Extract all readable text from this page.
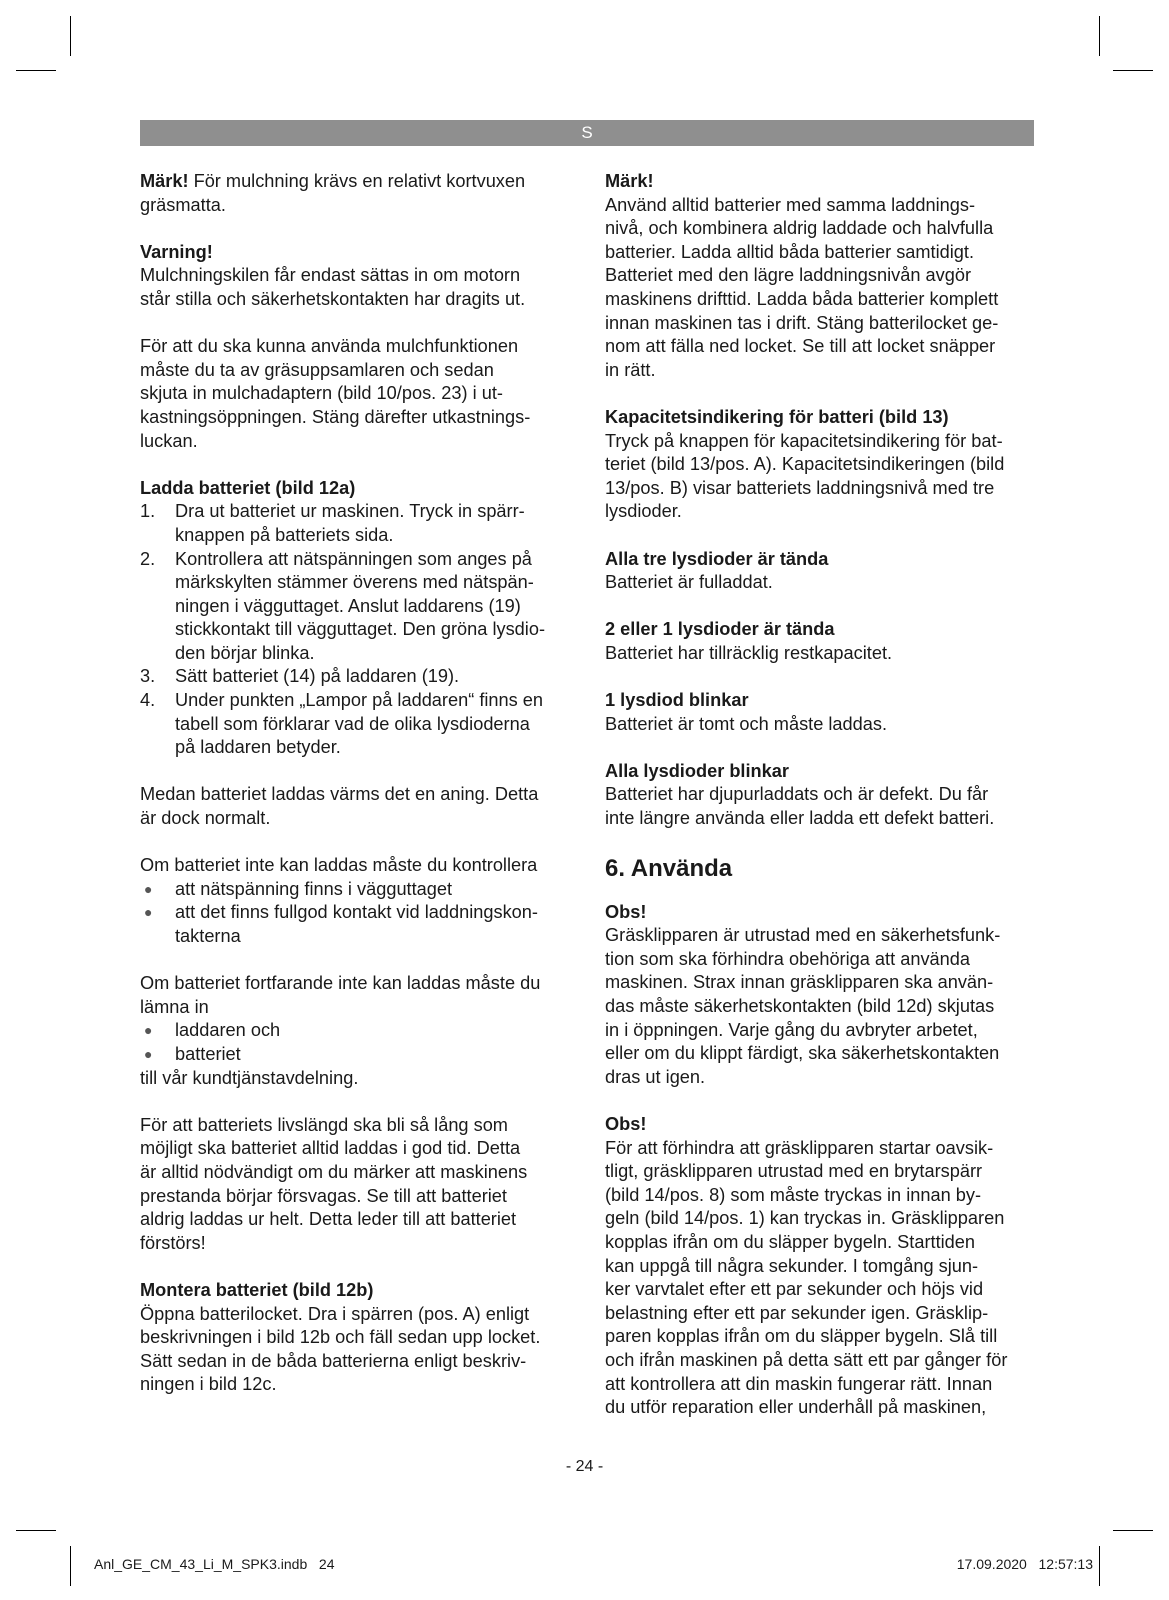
S
Märk! För mulchning krävs en relativt kortvuxen
gräsmatta.
Varning!
Mulchningskilen får endast sättas in om motorn
står stilla och säkerhetskontakten har dragits ut.
För att du ska kunna använda mulchfunktionen
måste du ta av gräsuppsamlaren och sedan
skjuta in mulchadaptern (bild 10/pos. 23) i ut-
kastningsöppningen. Stäng därefter utkastnings-
luckan.
Ladda batteriet (bild 12a)
1. Dra ut batteriet ur maskinen. Tryck in spärr-
knappen på batteriets sida.
2. Kontrollera att nätspänningen som anges på
märkskylten stämmer överens med nätspän-
ningen i vägguttaget. Anslut laddarens (19)
stickkontakt till vägguttaget. Den gröna lysdio-
den börjar blinka.
3. Sätt batteriet (14) på laddaren (19).
4. Under punkten „Lampor på laddaren“ finns en
tabell som förklarar vad de olika lysdioderna
på laddaren betyder.
Medan batteriet laddas värms det en aning. Detta
är dock normalt.
Om batteriet inte kan laddas måste du kontrollera
● att nätspänning finns i vägguttaget
● att det finns fullgod kontakt vid laddningskon-
takterna
Om batteriet fortfarande inte kan laddas måste du
lämna in
● laddaren och
● batteriet
till vår kundtjänstavdelning.
För att batteriets livslängd ska bli så lång som
möjligt ska batteriet alltid laddas i god tid. Detta
är alltid nödvändigt om du märker att maskinens
prestanda börjar försvagas. Se till att batteriet
aldrig laddas ur helt. Detta leder till att batteriet
förstörs!
Montera batteriet (bild 12b)
Öppna batterilocket. Dra i spärren (pos. A) enligt
beskrivningen i bild 12b och fäll sedan upp locket.
Sätt sedan in de båda batterierna enligt beskriv-
ningen i bild 12c.
Märk!
Använd alltid batterier med samma laddnings-
nivå, och kombinera aldrig laddade och halvfulla
batterier. Ladda alltid båda batterier samtidigt.
Batteriet med den lägre laddningsnivån avgör
maskinens drifttid. Ladda båda batterier komplett
innan maskinen tas i drift. Stäng batterilocket ge-
nom att fälla ned locket. Se till att locket snäpper
in rätt.
Kapacitetsindikering för batteri (bild 13)
Tryck på knappen för kapacitetsindikering för bat-
teriet (bild 13/pos. A). Kapacitetsindikeringen (bild
13/pos. B) visar batteriets laddningsnivå med tre
lysdioder.
Alla tre lysdioder är tända
Batteriet är fulladdat.
2 eller 1 lysdioder är tända
Batteriet har tillräcklig restkapacitet.
1 lysdiod blinkar
Batteriet är tomt och måste laddas.
Alla lysdioder blinkar
Batteriet har djupurladdats och är defekt. Du får
inte längre använda eller ladda ett defekt batteri.
6. Använda
Obs!
Gräsklipparen är utrustad med en säkerhetsfunk-
tion som ska förhindra obehöriga att använda
maskinen. Strax innan gräsklipparen ska använ-
das måste säkerhetskontakten (bild 12d) skjutas
in i öppningen. Varje gång du avbryter arbetet,
eller om du klippt färdigt, ska säkerhetskontakten
dras ut igen.
Obs!
För att förhindra att gräsklipparen startar oavsik-
tligt, gräsklipparen utrustad med en brytarspärr
(bild 14/pos. 8) som måste tryckas in innan by-
geln (bild 14/pos. 1) kan tryckas in. Gräsklipparen
kopplas ifrån om du släpper bygeln. Starttiden
kan uppgå till några sekunder. I tomgång sjun-
ker varvtalet efter ett par sekunder och höjs vid
belastning efter ett par sekunder igen. Gräsklip-
paren kopplas ifrån om du släpper bygeln. Slå till
och ifrån maskinen på detta sätt ett par gånger för
att kontrollera att din maskin fungerar rätt. Innan
du utför reparation eller underhåll på maskinen,
- 24 -
Anl_GE_CM_43_Li_M_SPK3.indb   24	17.09.2020   12:57:13
